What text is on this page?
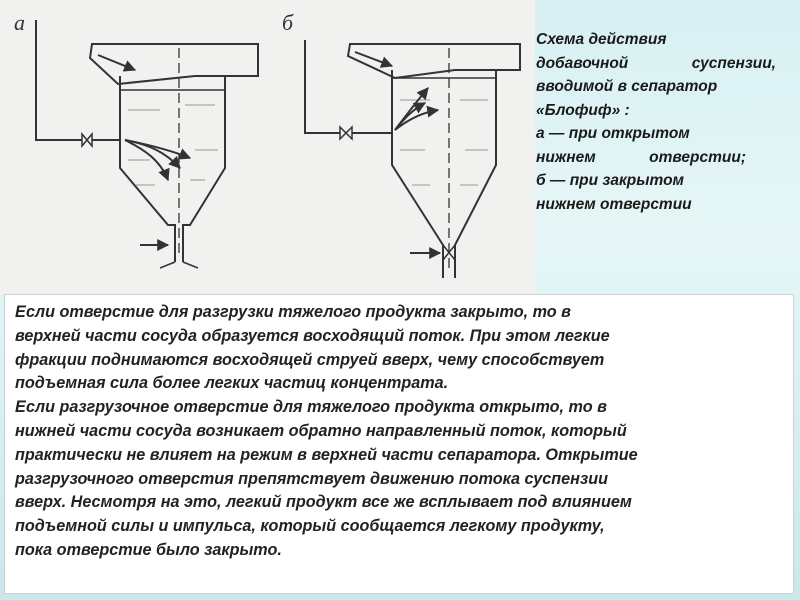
а	б
Схема действия
добавочной	суспензии,
вводимой в сепаратор
«Блофиф» :
а — при открытом
нижнем	отверстии;
б — при закрытом
нижнем отверстии
Если отверстие для разгрузки тяжелого продукта закрыто, то в
верхней части сосуда образуется восходящий поток. При этом легкие
фракции поднимаются восходящей струей вверх, чему способствует
подъемная сила более легких частиц концентрата.
Если разгрузочное отверстие для тяжелого продукта открыто, то в
нижней части сосуда возникает обратно направленный поток, который
практически не влияет на режим в верхней части сепаратора. Открытие
разгрузочного отверстия препятствует движению потока суспензии
вверх. Несмотря на это, легкий продукт все же всплывает под влиянием
подъемной силы и импульса, который сообщается легкому продукту,
пока отверстие было закрыто.
